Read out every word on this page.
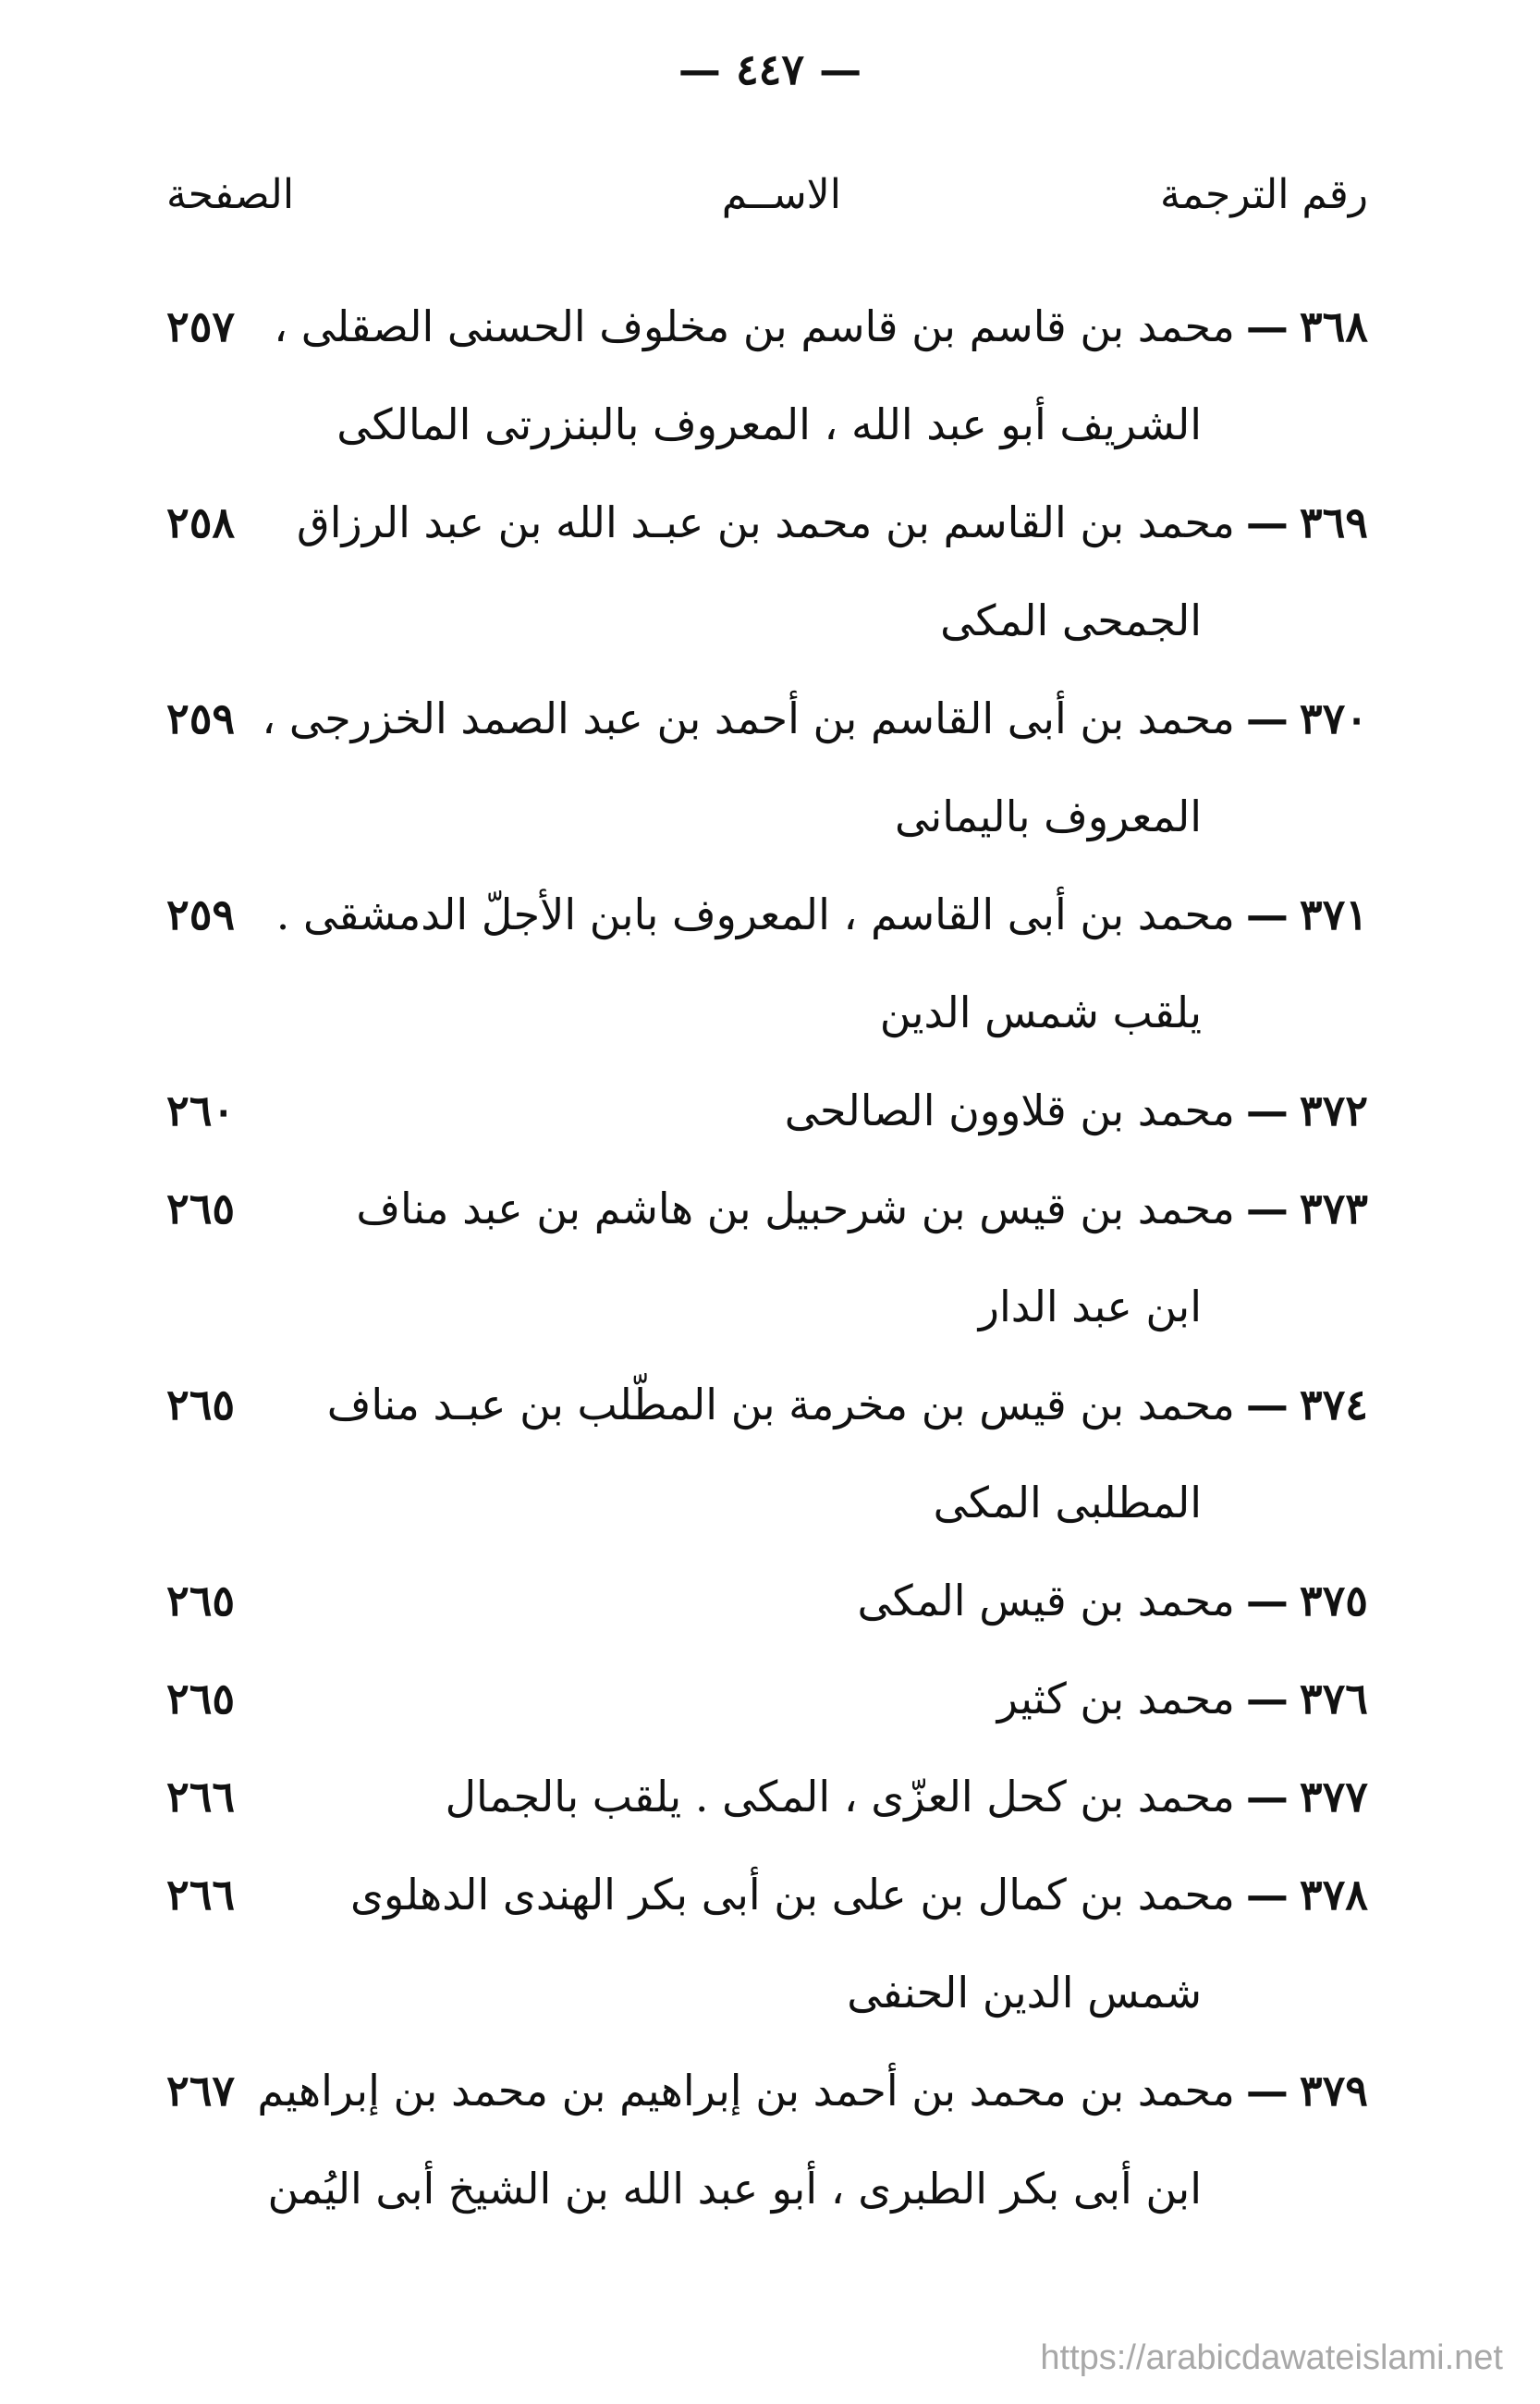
— ٤٤٧ —
رقم الترجمة
الاســم
الصفحة
٣٦٨—محمد بن قاسم بن قاسم بن مخلوف الحسنى الصقلى ،
الشريف أبو عبد الله ، المعروف بالبنزرتى المالكى
٢٥٧
٣٦٩—محمد بن القاسم بن محمد بن عبـد الله بن عبد الرزاق
الجمحى المكى
٢٥٨
٣٧٠—محمد بن أبى القاسم بن أحمد بن عبد الصمد الخزرجى ،
المعروف باليمانى
٢٥٩
٣٧١—محمد بن أبى القاسم ، المعروف بابن الأجلّ الدمشقى .
يلقب شمس الدين
٢٥٩
٣٧٢—محمد بن قلاوون الصالحى
٢٦٠
٣٧٣—محمد بن قيس بن شرحبيل بن هاشم بن عبد مناف
ابن عبد الدار
٢٦٥
٣٧٤—محمد بن قيس بن مخرمة بن المطّلب بن عبـد مناف
المطلبى المكى
٢٦٥
٣٧٥—محمد بن قيس المكى
٢٦٥
٣٧٦—محمد بن كثير
٢٦٥
٣٧٧—محمد بن كحل العزّى ، المكى . يلقب بالجمال
٢٦٦
٣٧٨—محمد بن كمال بن على بن أبى بكر الهندى الدهلوى
شمس الدين الحنفى
٢٦٦
٣٧٩—محمد بن محمد بن أحمد بن إبراهيم بن محمد بن إبراهيم
ابن أبى بكر الطبرى ، أبو عبد الله بن الشيخ أبى اليُمن
٢٦٧
https://arabicdawateislami.net
